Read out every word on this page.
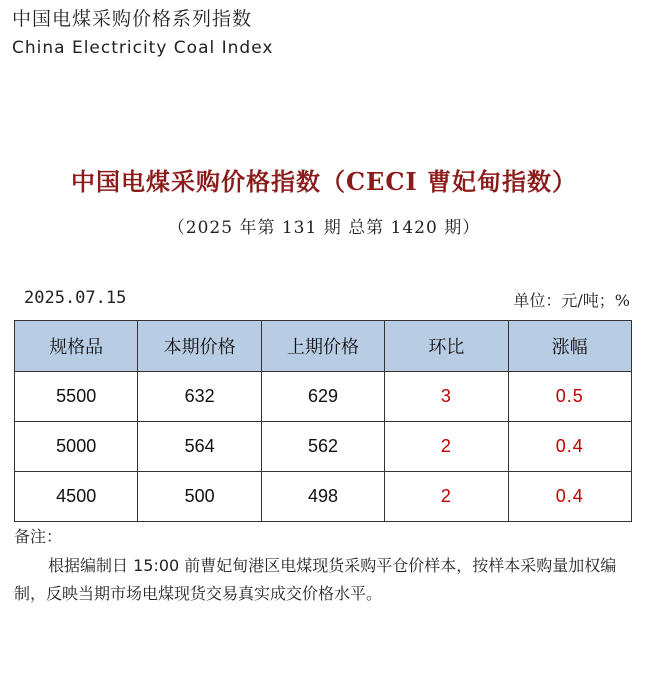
中国电煤采购价格系列指数
China Electricity Coal Index
中国电煤采购价格指数（CECI 曹妃甸指数）
（2025 年第 131 期 总第 1420 期）
2025.07.15	单位：元/吨；%
规格品	本期价格	上期价格	环比	涨幅
5500	632	629	3	0.5
5000	564	562	2	0.4
4500	500	498	2	0.4
备注：
根据编制日 15:00 前曹妃甸港区电煤现货采购平仓价样本，按样本采购量加权编制，反映当期市场电煤现货交易真实成交价格水平。
